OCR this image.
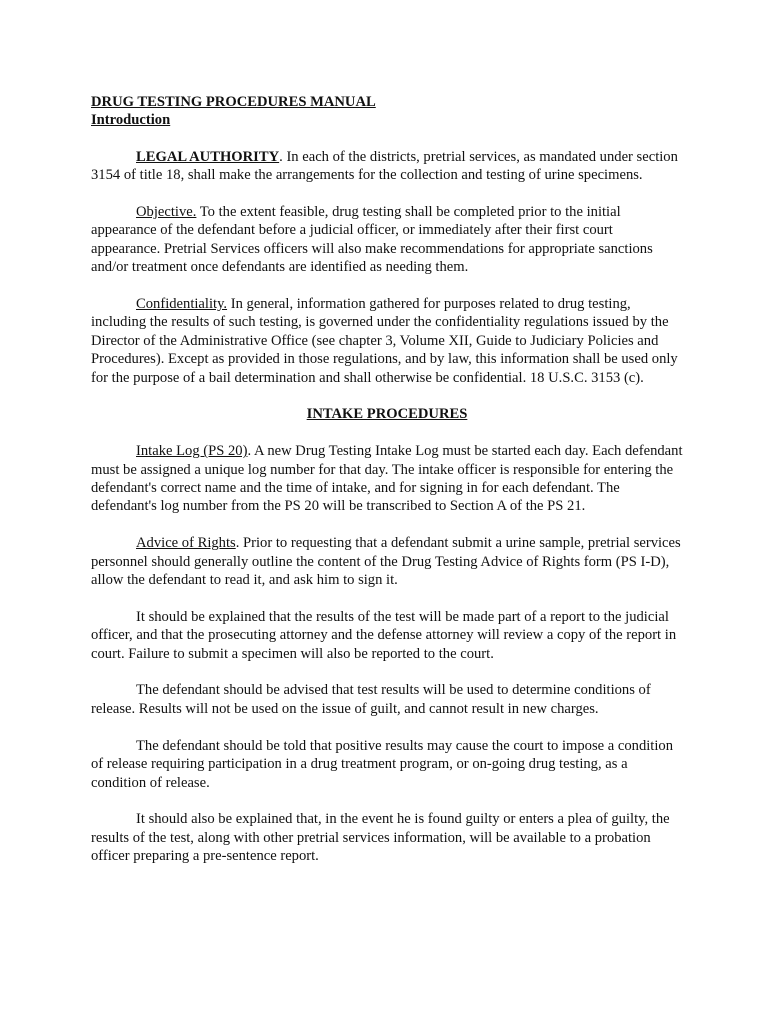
DRUG TESTING PROCEDURES MANUAL
Introduction

LEGAL AUTHORITY. In each of the districts, pretrial services, as mandated under section 3154 of title 18, shall make the arrangements for the collection and testing of urine specimens.

Objective. To the extent feasible, drug testing shall be completed prior to the initial appearance of the defendant before a judicial officer, or immediately after their first court appearance. Pretrial Services officers will also make recommendations for appropriate sanctions and/or treatment once defendants are identified as needing them.

Confidentiality. In general, information gathered for purposes related to drug testing, including the results of such testing, is governed under the confidentiality regulations issued by the Director of the Administrative Office (see chapter 3, Volume XII, Guide to Judiciary Policies and Procedures). Except as provided in those regulations, and by law, this information shall be used only for the purpose of a bail determination and shall otherwise be confidential. 18 U.S.C. 3153 (c).

INTAKE PROCEDURES

Intake Log (PS 20). A new Drug Testing Intake Log must be started each day. Each defendant must be assigned a unique log number for that day. The intake officer is responsible for entering the defendant's correct name and the time of intake, and for signing in for each defendant. The defendant's log number from the PS 20 will be transcribed to Section A of the PS 21.

Advice of Rights. Prior to requesting that a defendant submit a urine sample, pretrial services personnel should generally outline the content of the Drug Testing Advice of Rights form (PS I-D), allow the defendant to read it, and ask him to sign it.

It should be explained that the results of the test will be made part of a report to the judicial officer, and that the prosecuting attorney and the defense attorney will review a copy of the report in court. Failure to submit a specimen will also be reported to the court.

The defendant should be advised that test results will be used to determine conditions of release. Results will not be used on the issue of guilt, and cannot result in new charges.

The defendant should be told that positive results may cause the court to impose a condition of release requiring participation in a drug treatment program, or on-going drug testing, as a condition of release.

It should also be explained that, in the event he is found guilty or enters a plea of guilty, the results of the test, along with other pretrial services information, will be available to a probation officer preparing a pre-sentence report.
